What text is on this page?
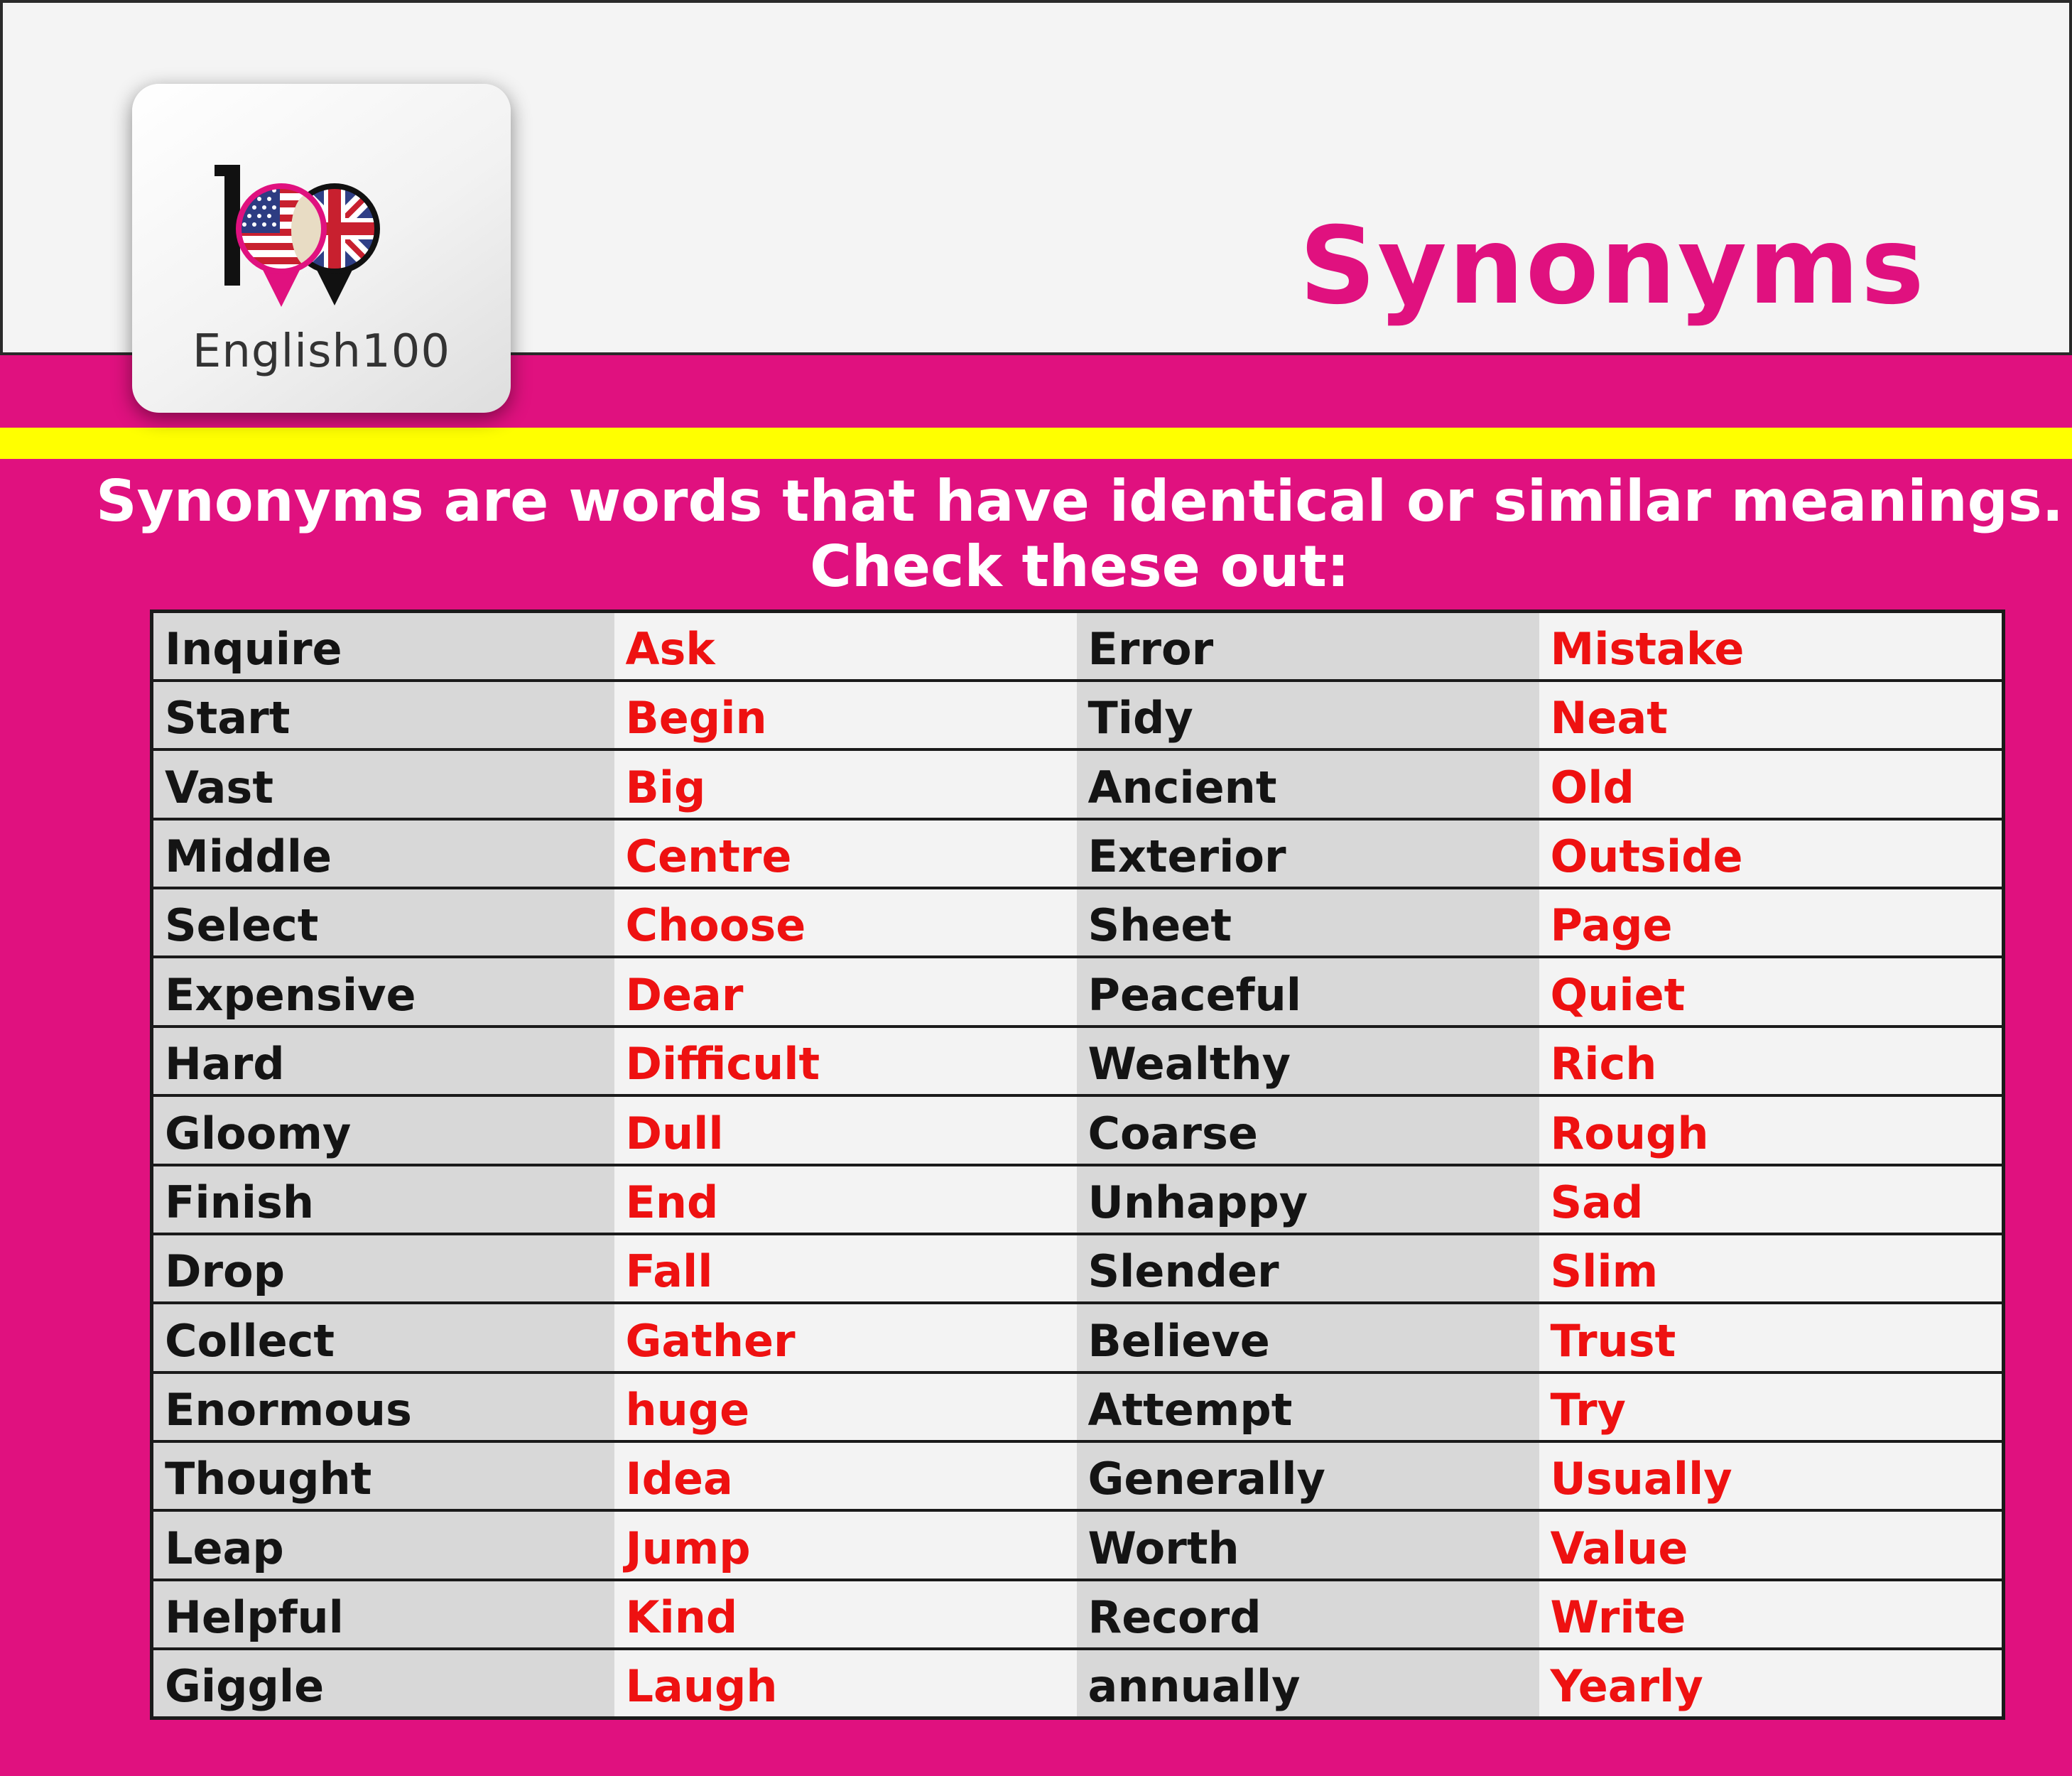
English100
Synonyms
Synonyms are words that have identical or similar meanings.
Check these out:
Inquire	Ask	Error	Mistake
Start	Begin	Tidy	Neat
Vast	Big	Ancient	Old
Middle	Centre	Exterior	Outside
Select	Choose	Sheet	Page
Expensive	Dear	Peaceful	Quiet
Hard	Difficult	Wealthy	Rich
Gloomy	Dull	Coarse	Rough
Finish	End	Unhappy	Sad
Drop	Fall	Slender	Slim
Collect	Gather	Believe	Trust
Enormous	huge	Attempt	Try
Thought	Idea	Generally	Usually
Leap	Jump	Worth	Value
Helpful	Kind	Record	Write
Giggle	Laugh	annually	Yearly
